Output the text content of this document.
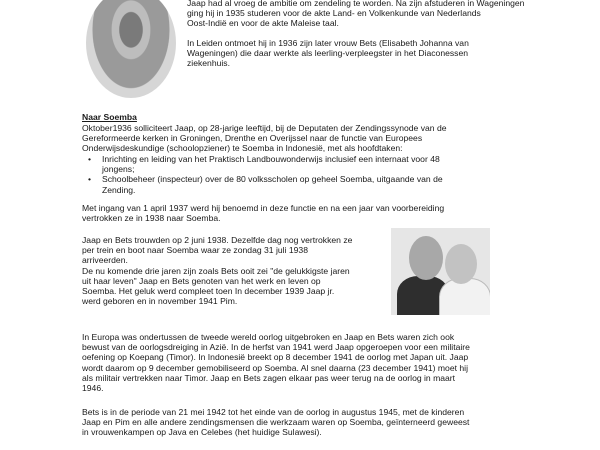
Jaap had al vroeg de ambitie om zendeling te worden. Na zijn afstuderen in Wageningen
ging hij in 1935 studeren voor de akte Land- en Volkenkunde van Nederlands
Oost-Indië en voor de akte Maleise taal.
In Leiden ontmoet hij in 1936 zijn later vrouw Bets (Elisabeth Johanna van
Wageningen) die daar werkte als leerling-verpleegster in het Diaconessen
ziekenhuis.
Naar Soemba
Oktober1936 solliciteert Jaap, op 28-jarige leeftijd, bij de Deputaten der Zendingssynode van de
Gereformeerde kerken in Groningen, Drenthe en Overijssel naar de functie van Europees
Onderwijsdeskundige (schoolopziener) te Soemba in Indonesië, met als hoofdtaken:
• Inrichting en leiding van het Praktisch Landbouwonderwijs inclusief een internaat voor 48
jongens;
• Schoolbeheer (inspecteur) over de 80 volksscholen op geheel Soemba, uitgaande van de
Zending.
Met ingang van 1 april 1937 werd hij benoemd in deze functie en na een jaar van voorbereiding
vertrokken ze in 1938 naar Soemba.
Jaap en Bets trouwden op 2 juni 1938. Dezelfde dag nog vertrokken ze
per trein en boot naar Soemba waar ze zondag 31 juli 1938
arriveerden.
De nu komende drie jaren zijn zoals Bets ooit zei "de gelukkigste jaren
uit haar leven" Jaap en Bets genoten van het werk en leven op
Soemba. Het geluk werd compleet toen In december 1939 Jaap jr.
werd geboren en in november 1941 Pim.
In Europa was ondertussen de tweede wereld oorlog uitgebroken en Jaap en Bets waren zich ook
bewust van de oorlogsdreiging in Azië. In de herfst van 1941 werd Jaap opgeroepen voor een militaire
oefening op Koepang (Timor). In Indonesië breekt op 8 december 1941 de oorlog met Japan uit. Jaap
wordt daarom op 9 december gemobiliseerd op Soemba. Al snel daarna (23 december 1941) moet hij
als militair vertrekken naar Timor. Jaap en Bets zagen elkaar pas weer terug na de oorlog in maart
1946.
Bets is in de periode van 21 mei 1942 tot het einde van de oorlog in augustus 1945, met de kinderen
Jaap en Pim en alle andere zendingsmensen die werkzaam waren op Soemba, geïnterneerd geweest
in vrouwenkampen op Java en Celebes (het huidige Sulawesi).
